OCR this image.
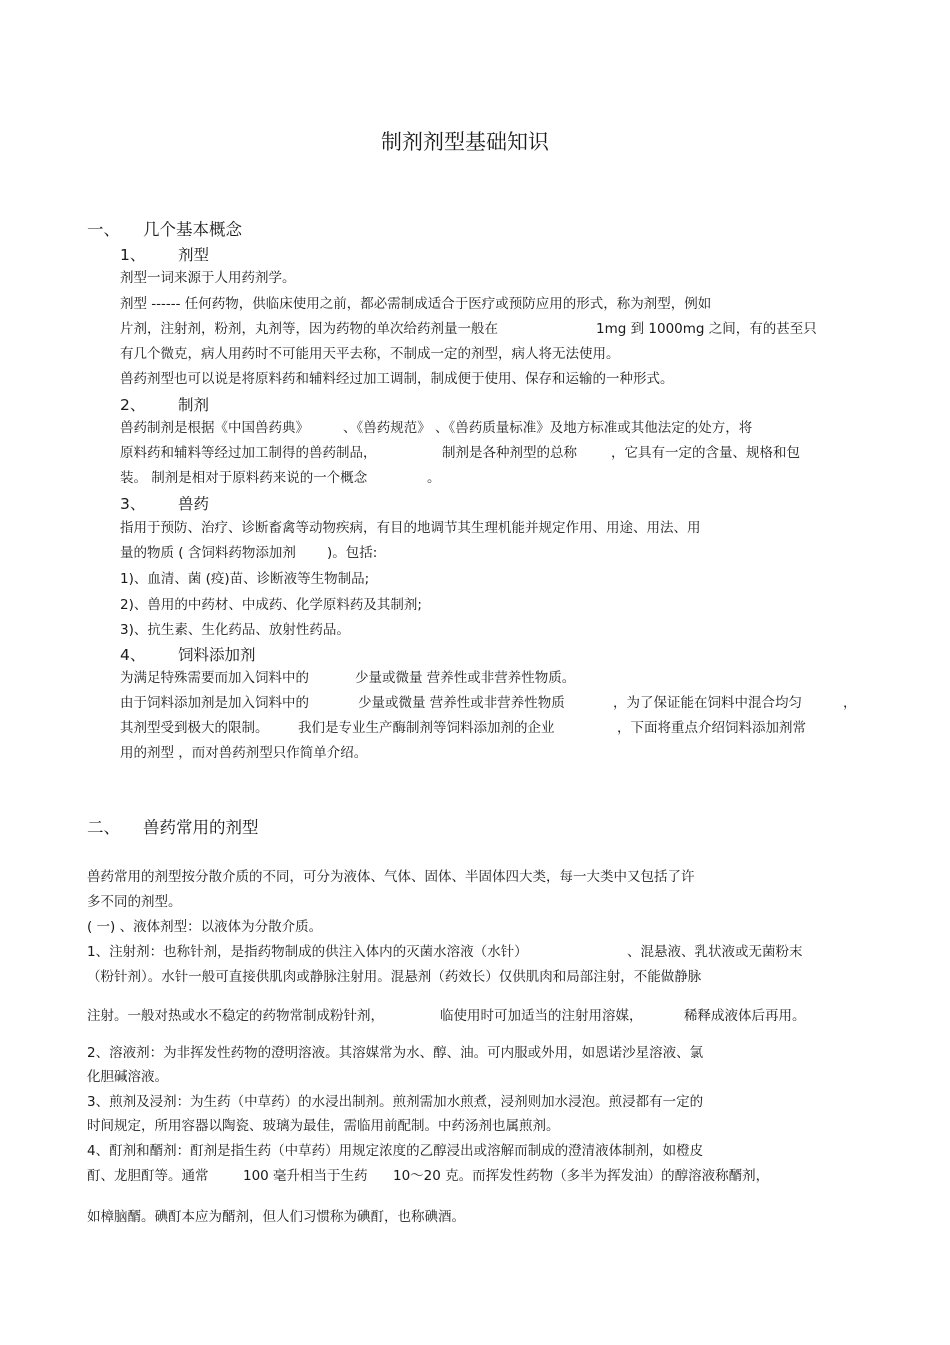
制剂剂型基础知识
一、 几个基本概念
1、 剂型
剂型一词来源于人用药剂学。
剂型 ------ 任何药物，供临床使用之前，都必需制成适合于医疗或预防应用的形式，称为剂型，例如
片剂，注射剂，粉剂，丸剂等，因为药物的单次给药剂量一般在	1mg 到 1000mg 之间，有的甚至只
有几个微克，病人用药时不可能用天平去称，不制成一定的剂型，病人将无法使用。
兽药剂型也可以说是将原料药和辅料经过加工调制，制成便于使用、保存和运输的一种形式。
2、 制剂
兽药制剂是根据《中国兽药典》	、《兽药规范》 、《兽药质量标准》及地方标准或其他法定的处方，将
原料药和辅料等经过加工制得的兽药制品，	制剂是各种剂型的总称	，它具有一定的含量、规格和包
装。 制剂是相对于原料药来说的一个概念	。
3、 兽药
指用于预防、治疗、诊断畜禽等动物疾病，有目的地调节其生理机能并规定作用、用途、用法、用
量的物质 ( 含饲料药物添加剂 )。包括:
1)、血清、菌 (疫)苗、诊断液等生物制品;
2)、兽用的中药材、中成药、化学原料药及其制剂;
3)、抗生素、生化药品、放射性药品。
4、 饲料添加剂
为满足特殊需要而加入饲料中的	少量或微量 营养性或非营养性物质。
由于饲料添加剂是加入饲料中的	少量或微量 营养性或非营养性物质	，为了保证能在饲料中混合均匀	，
其剂型受到极大的限制。 我们是专业生产酶制剂等饲料添加剂的企业	，下面将重点介绍饲料添加剂常
用的剂型 ，而对兽药剂型只作简单介绍。
二、 兽药常用的剂型
兽药常用的剂型按分散介质的不同，可分为液体、气体、固体、半固体四大类，每一大类中又包括了许
多不同的剂型。
( 一) 、液体剂型：以液体为分散介质。
1、注射剂：也称针剂，是指药物制成的供注入体内的灭菌水溶液（水针）	、混悬液、乳状液或无菌粉末
（粉针剂）。水针一般可直接供肌肉或静脉注射用。混悬剂（药效长）仅供肌肉和局部注射，不能做静脉
注射。一般对热或水不稳定的药物常制成粉针剂，	临使用时可加适当的注射用溶媒，	稀释成液体后再用。
2、溶液剂：为非挥发性药物的澄明溶液。其溶媒常为水、醇、油。可内服或外用，如恩诺沙星溶液、氯
化胆碱溶液。
3、煎剂及浸剂：为生药（中草药）的水浸出制剂。煎剂需加水煎煮，浸剂则加水浸泡。煎浸都有一定的
时间规定，所用容器以陶瓷、玻璃为最佳，需临用前配制。中药汤剂也属煎剂。
4、酊剂和醑剂：酊剂是指生药（中草药）用规定浓度的乙醇浸出或溶解而制成的澄清液体制剂，如橙皮
酊、龙胆酊等。通常	100 毫升相当于生药 10～20 克。而挥发性药物（多半为挥发油）的醇溶液称醑剂，
如樟脑醑。碘酊本应为醑剂，但人们习惯称为碘酊，也称碘酒。
